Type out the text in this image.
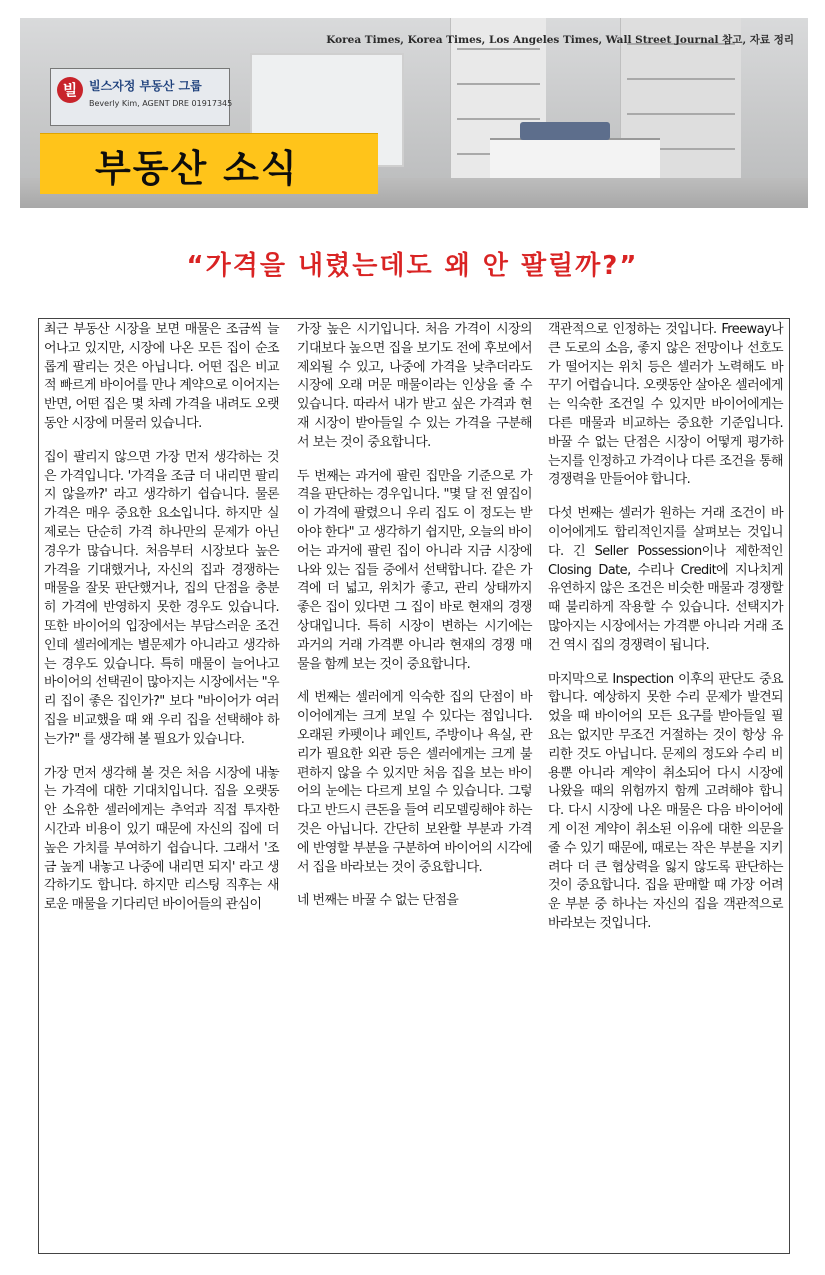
Korea Times, Korea Times, Los Angeles Times, Wall Street Journal 참고, 자료 정리
빌 빌스자정 부동산 그룹
Beverly Kim, AGENT DRE 01917345
부동산 소식
“가격을 내렸는데도 왜 안 팔릴까?”

최근 부동산 시장을 보면 매물은 조금씩 늘어나고 있지만, 시장에 나온 모든 집이 순조롭게 팔리는 것은 아닙니다. 어떤 집은 비교적 빠르게 바이어를 만나 계약으로 이어지는 반면, 어떤 집은 몇 차례 가격을 내려도 오랫동안 시장에 머물러 있습니다.

집이 팔리지 않으면 가장 먼저 생각하는 것은 가격입니다. '가격을 조금 더 내리면 팔리지 않을까?' 라고 생각하기 쉽습니다. 물론 가격은 매우 중요한 요소입니다. 하지만 실제로는 단순히 가격 하나만의 문제가 아닌 경우가 많습니다. 처음부터 시장보다 높은 가격을 기대했거나, 자신의 집과 경쟁하는 매물을 잘못 판단했거나, 집의 단점을 충분히 가격에 반영하지 못한 경우도 있습니다. 또한 바이어의 입장에서는 부담스러운 조건인데 셀러에게는 별문제가 아니라고 생각하는 경우도 있습니다. 특히 매물이 늘어나고 바이어의 선택권이 많아지는 시장에서는 "우리 집이 좋은 집인가?" 보다 "바이어가 여러 집을 비교했을 때 왜 우리 집을 선택해야 하는가?" 를 생각해 볼 필요가 있습니다.

가장 먼저 생각해 볼 것은 처음 시장에 내놓는 가격에 대한 기대치입니다. 집을 오랫동안 소유한 셀러에게는 추억과 직접 투자한 시간과 비용이 있기 때문에 자신의 집에 더 높은 가치를 부여하기 쉽습니다. 그래서 '조금 높게 내놓고 나중에 내리면 되지' 라고 생각하기도 합니다. 하지만 리스팅 직후는 새로운 매물을 기다리던 바이어들의 관심이

가장 높은 시기입니다. 처음 가격이 시장의 기대보다 높으면 집을 보기도 전에 후보에서 제외될 수 있고, 나중에 가격을 낮추더라도 시장에 오래 머문 매물이라는 인상을 줄 수 있습니다. 따라서 내가 받고 싶은 가격과 현재 시장이 받아들일 수 있는 가격을 구분해서 보는 것이 중요합니다.

두 번째는 과거에 팔린 집만을 기준으로 가격을 판단하는 경우입니다. "몇 달 전 옆집이 이 가격에 팔렸으니 우리 집도 이 정도는 받아야 한다" 고 생각하기 쉽지만, 오늘의 바이어는 과거에 팔린 집이 아니라 지금 시장에 나와 있는 집들 중에서 선택합니다. 같은 가격에 더 넓고, 위치가 좋고, 관리 상태까지 좋은 집이 있다면 그 집이 바로 현재의 경쟁 상대입니다. 특히 시장이 변하는 시기에는 과거의 거래 가격뿐 아니라 현재의 경쟁 매물을 함께 보는 것이 중요합니다.

세 번째는 셀러에게 익숙한 집의 단점이 바이어에게는 크게 보일 수 있다는 점입니다. 오래된 카펫이나 페인트, 주방이나 욕실, 관리가 필요한 외관 등은 셀러에게는 크게 불편하지 않을 수 있지만 처음 집을 보는 바이어의 눈에는 다르게 보일 수 있습니다. 그렇다고 반드시 큰돈을 들여 리모델링해야 하는 것은 아닙니다. 간단히 보완할 부분과 가격에 반영할 부분을 구분하여 바이어의 시각에서 집을 바라보는 것이 중요합니다.

네 번째는 바꿀 수 없는 단점을

객관적으로 인정하는 것입니다. Freeway나 큰 도로의 소음, 좋지 않은 전망이나 선호도가 떨어지는 위치 등은 셀러가 노력해도 바꾸기 어렵습니다. 오랫동안 살아온 셀러에게는 익숙한 조건일 수 있지만 바이어에게는 다른 매물과 비교하는 중요한 기준입니다. 바꿀 수 없는 단점은 시장이 어떻게 평가하는지를 인정하고 가격이나 다른 조건을 통해 경쟁력을 만들어야 합니다.

다섯 번째는 셀러가 원하는 거래 조건이 바이어에게도 합리적인지를 살펴보는 것입니다. 긴 Seller Possession이나 제한적인 Closing Date, 수리나 Credit에 지나치게 유연하지 않은 조건은 비슷한 매물과 경쟁할 때 불리하게 작용할 수 있습니다. 선택지가 많아지는 시장에서는 가격뿐 아니라 거래 조건 역시 집의 경쟁력이 됩니다.

마지막으로 Inspection 이후의 판단도 중요합니다. 예상하지 못한 수리 문제가 발견되었을 때 바이어의 모든 요구를 받아들일 필요는 없지만 무조건 거절하는 것이 항상 유리한 것도 아닙니다. 문제의 정도와 수리 비용뿐 아니라 계약이 취소되어 다시 시장에 나왔을 때의 위험까지 함께 고려해야 합니다. 다시 시장에 나온 매물은 다음 바이어에게 이전 계약이 취소된 이유에 대한 의문을 줄 수 있기 때문에, 때로는 작은 부분을 지키려다 더 큰 협상력을 잃지 않도록 판단하는 것이 중요합니다. 집을 판매할 때 가장 어려운 부분 중 하나는 자신의 집을 객관적으로 바라보는 것입니다.
